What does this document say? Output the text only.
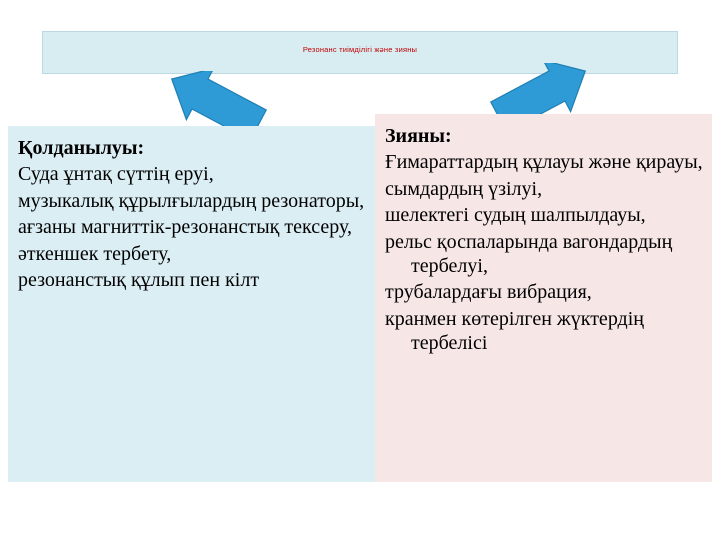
Резонанс тиімділігі және зияны
Қолданылуы:
Суда ұнтақ сүттің еруі,
музыкалық құрылғылардың резонаторы,
ағзаны магниттік-резонанстық тексеру,
әткеншек тербету,
резонанстық құлып пен кілт
Зияны:
Ғимараттардың құлауы және қирауы,
сымдардың үзілуі,
шелектегі судың шалпылдауы,
рельс қоспаларында вагондардың тербелуі,
трубалардағы вибрация,
кранмен көтерілген жүктердің тербелісі
